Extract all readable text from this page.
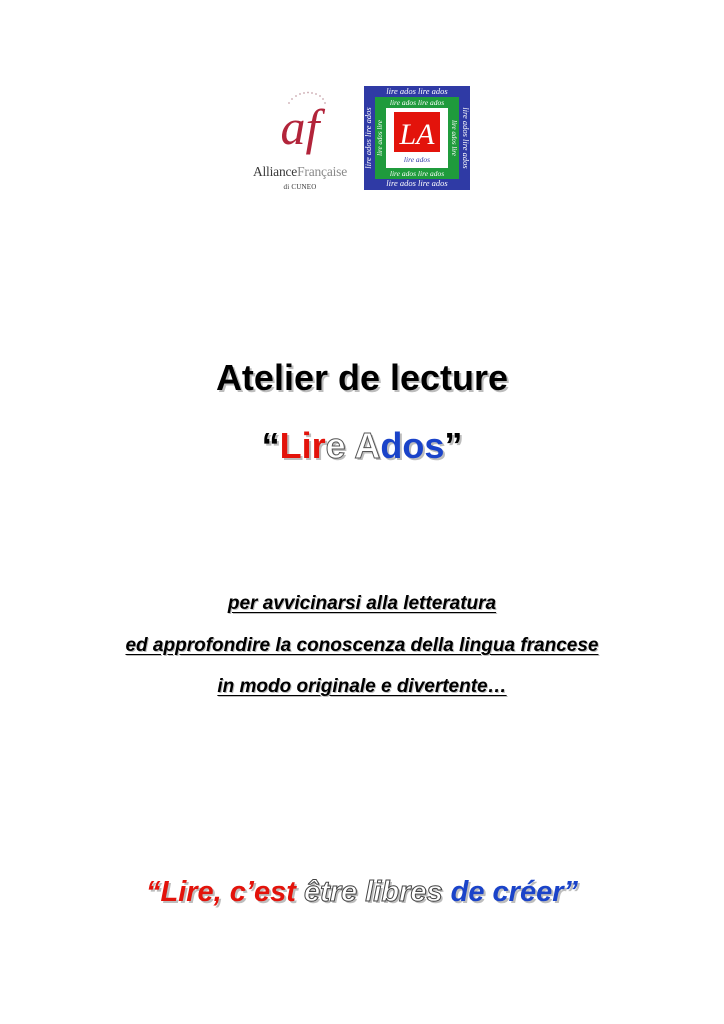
af
AllianceFrançaise
di CUNEO
lire ados lire ados
lire ados lire ados
lire ados lire ados
lire ados lire ados
lire ados lire ados	lire ados lire ados
lire ados lire	lire ados lire
LA
lire ados
Atelier de lecture
“Lire Ados”

per avvicinarsi alla letteratura

ed approfondire la conoscenza della lingua francese

in modo originale e divertente…

“Lire, c’est être libres de créer”
